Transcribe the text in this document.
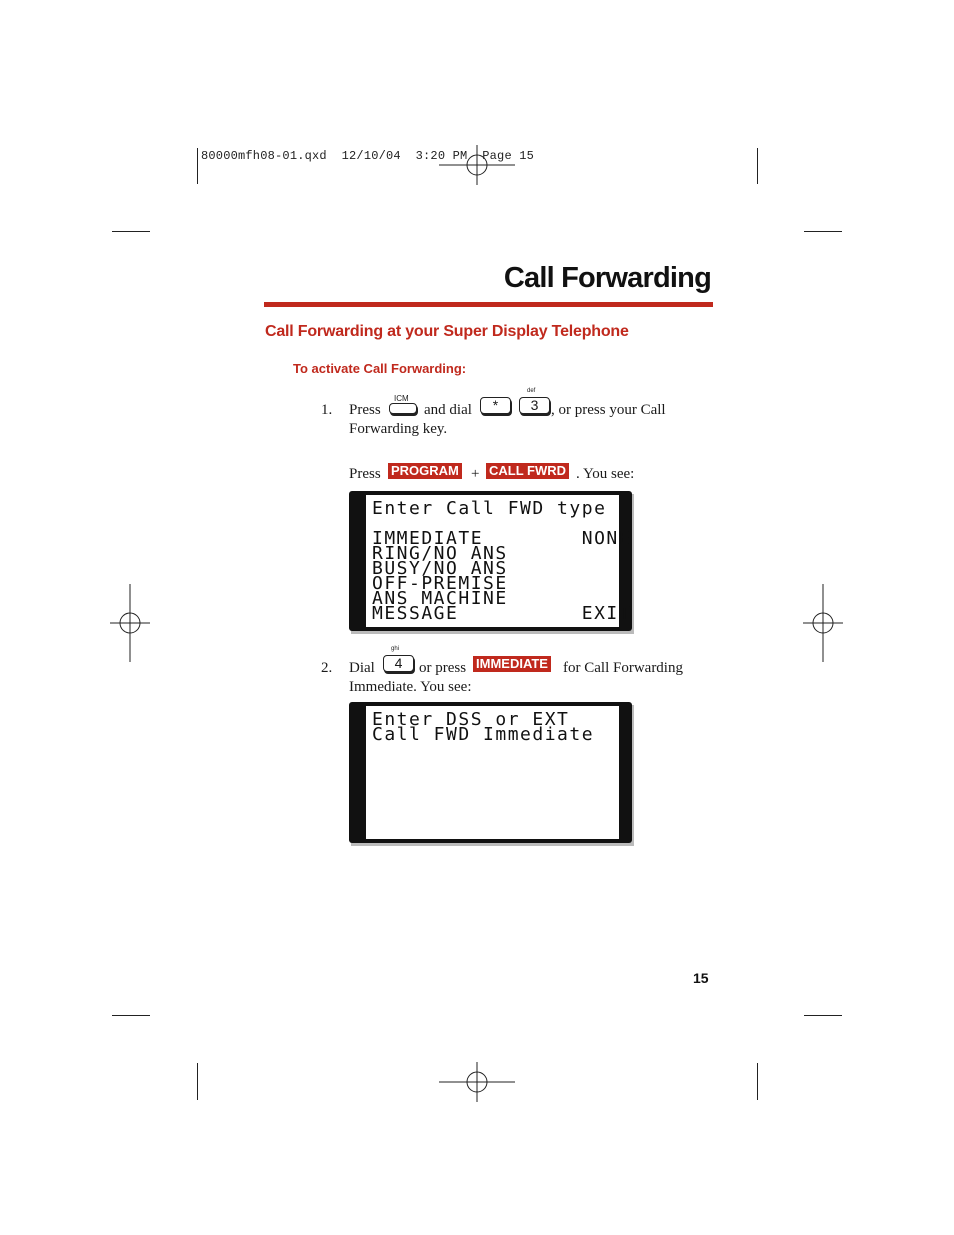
80000mfh08-01.qxd  12/10/04  3:20 PM  Page 15
Call Forwarding
Call Forwarding at your Super Display Telephone
To activate Call Forwarding:
1. Press
ICM
and dial	*
def
3 , or press your Call
Forwarding key.
Press PROGRAM + CALL FWRD . You see:
Enter Call FWD type
IMMEDIATE        NONE
RING/NO ANS
BUSY/NO ANS
OFF-PREMISE
ANS MACHINE
MESSAGE          EXIT
2. Dial
ghi
4	or press IMMEDIATE for Call Forwarding
Immediate. You see:
Enter DSS or EXT
Call FWD Immediate
15
